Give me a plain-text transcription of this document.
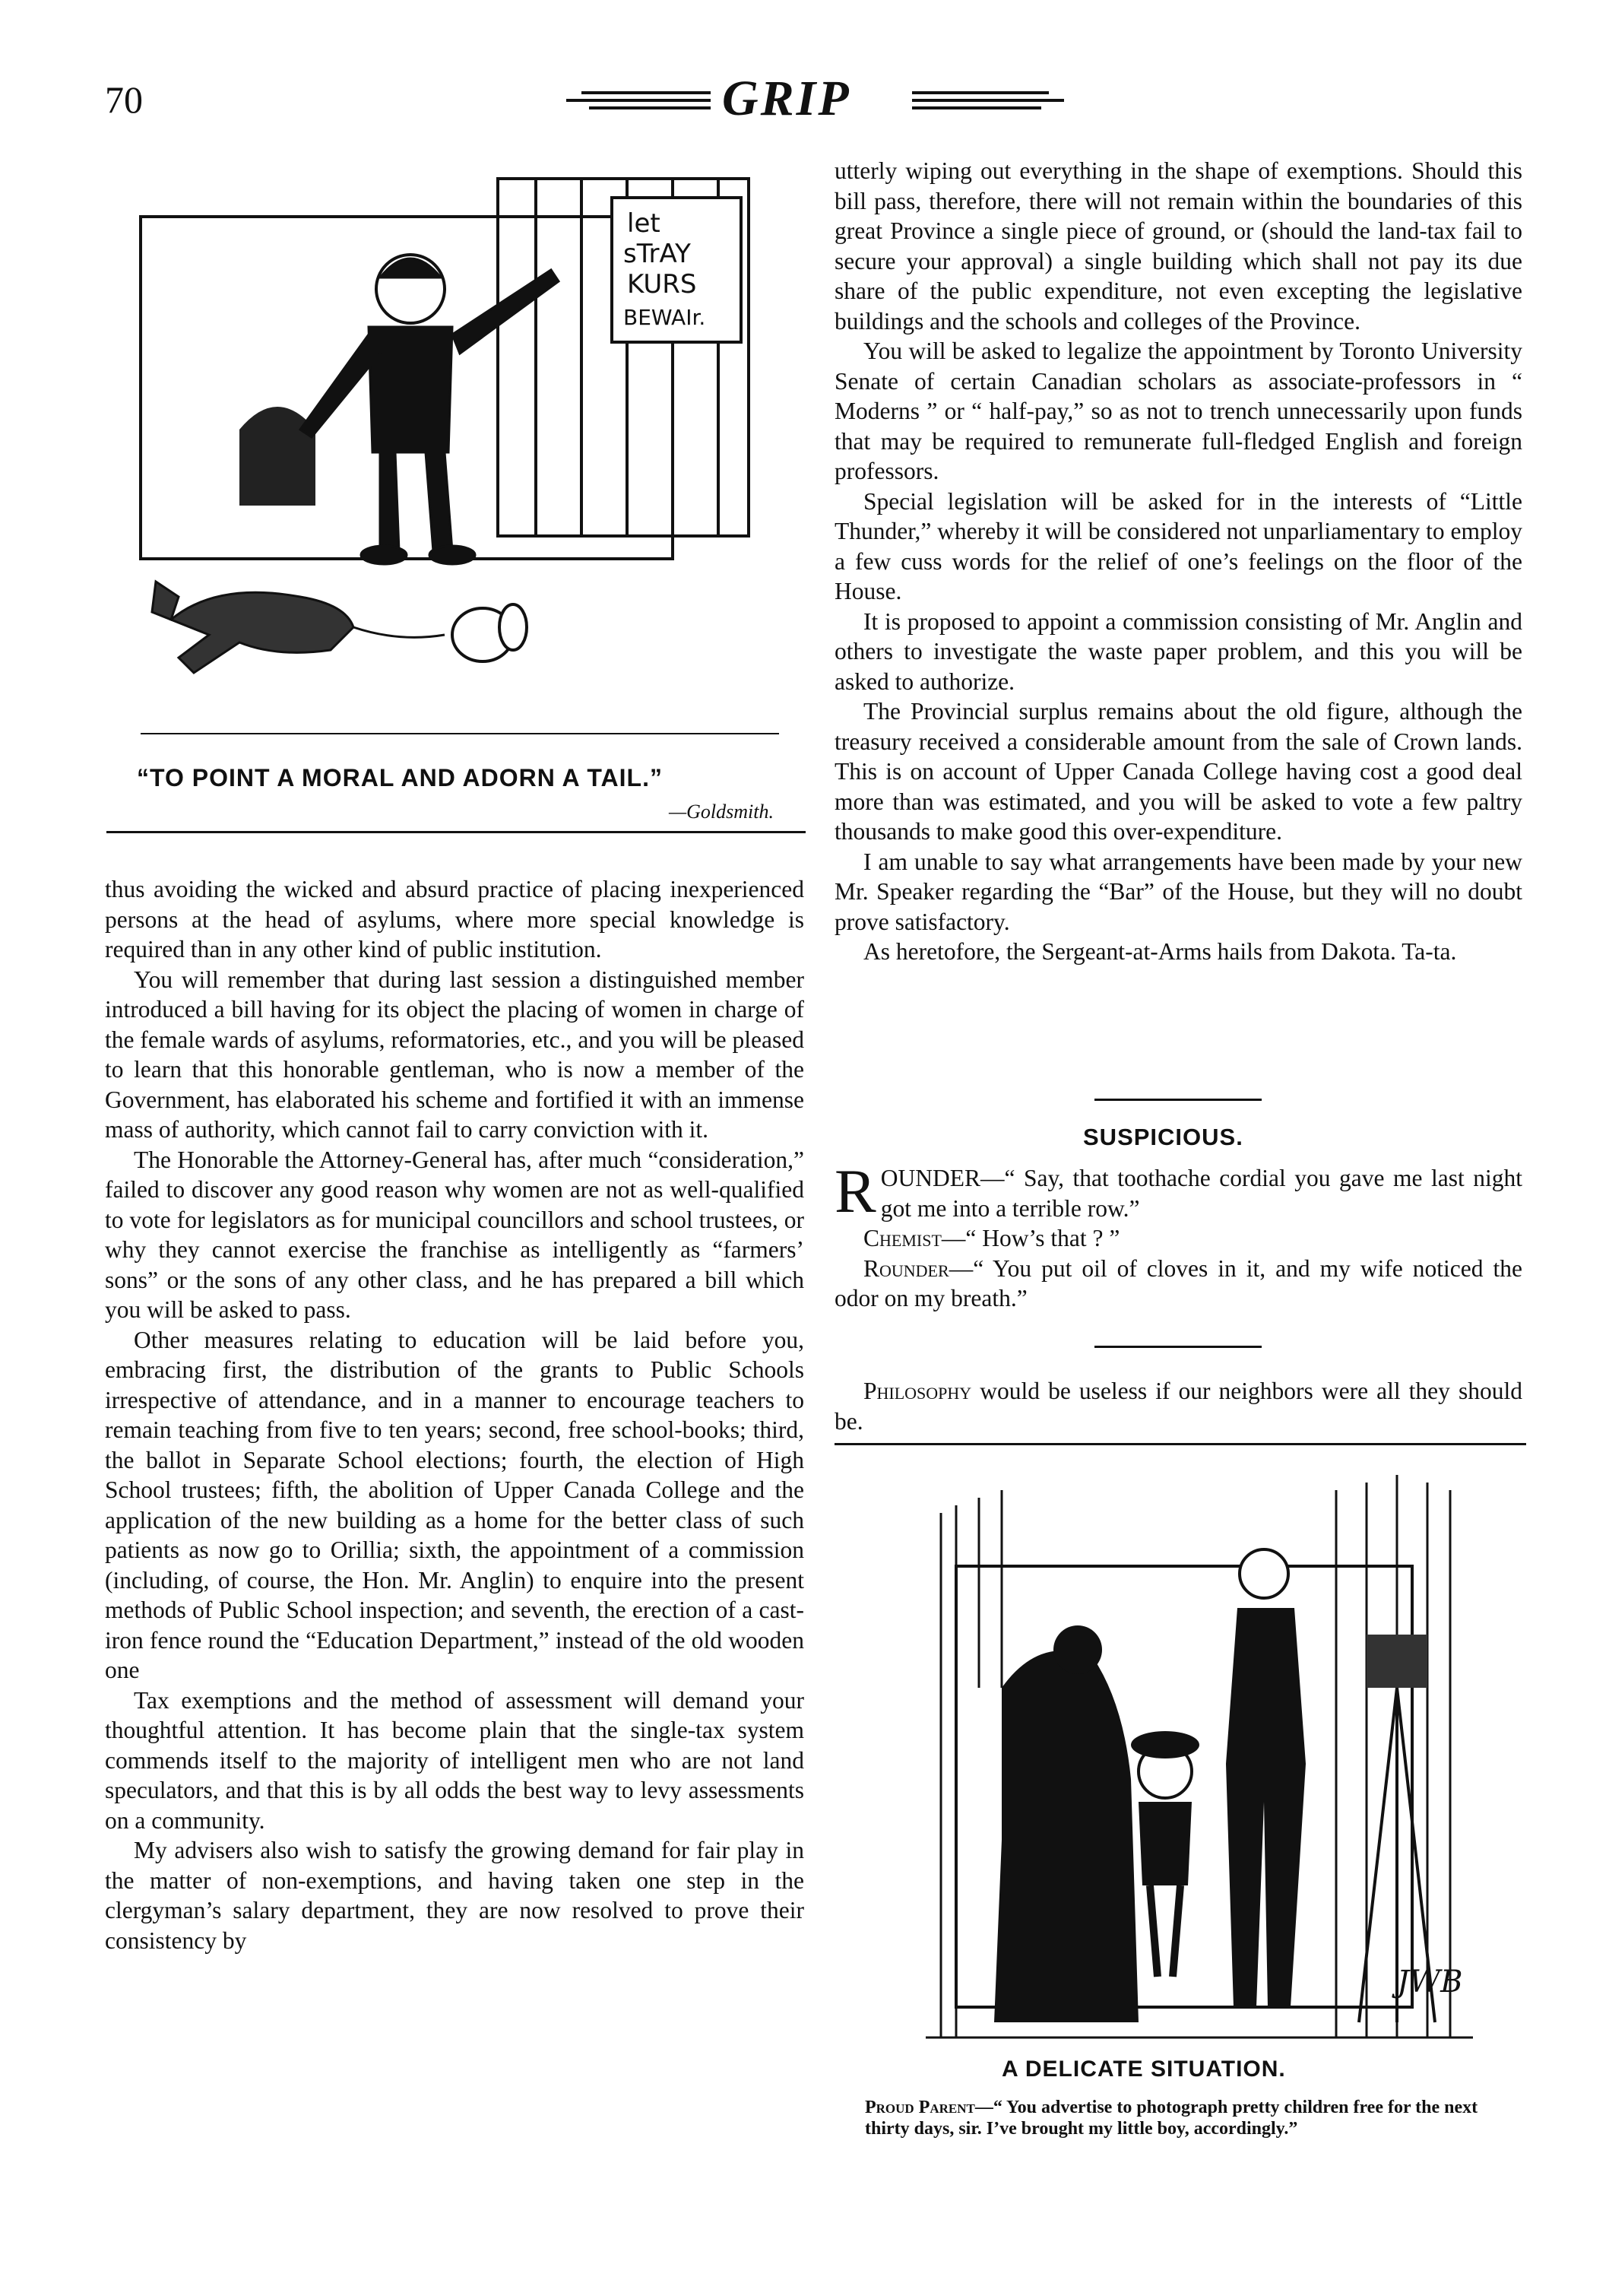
70	GRIP
let
sTrAY
KURS
BEWAIr.
“TO POINT A MORAL AND ADORN A TAIL.”
—Goldsmith.

thus avoiding the wicked and absurd practice of placing inexperienced persons at the head of asylums, where more special knowledge is required than in any other kind of public institution.

You will remember that during last session a distinguished member introduced a bill having for its object the placing of women in charge of the female wards of asylums, reformatories, etc., and you will be pleased to learn that this honorable gentleman, who is now a member of the Government, has elaborated his scheme and fortified it with an immense mass of authority, which cannot fail to carry conviction with it.

The Honorable the Attorney-General has, after much “consideration,” failed to discover any good reason why women are not as well-qualified to vote for legislators as for municipal councillors and school trustees, or why they cannot exercise the franchise as intelligently as “farmers’ sons” or the sons of any other class, and he has prepared a bill which you will be asked to pass.

Other measures relating to education will be laid before you, embracing first, the distribution of the grants to Public Schools irrespective of attendance, and in a manner to encourage teachers to remain teaching from five to ten years; second, free school-books; third, the ballot in Separate School elections; fourth, the election of High School trustees; fifth, the abolition of Upper Canada College and the application of the new building as a home for the better class of such patients as now go to Orillia; sixth, the appointment of a commission (including, of course, the Hon. Mr. Anglin) to enquire into the present methods of Public School inspection; and seventh, the erection of a cast-iron fence round the “Education Department,” instead of the old wooden one

Tax exemptions and the method of assessment will demand your thoughtful attention. It has become plain that the single-tax system commends itself to the majority of intelligent men who are not land speculators, and that this is by all odds the best way to levy assessments on a community.

My advisers also wish to satisfy the growing demand for fair play in the matter of non-exemptions, and having taken one step in the clergyman’s salary department, they are now resolved to prove their consistency by

utterly wiping out everything in the shape of exemptions. Should this bill pass, therefore, there will not remain within the boundaries of this great Province a single piece of ground, or (should the land-tax fail to secure your approval) a single building which shall not pay its due share of the public expenditure, not even excepting the legislative buildings and the schools and colleges of the Province.

You will be asked to legalize the appointment by Toronto University Senate of certain Canadian scholars as associate-professors in “ Moderns ” or “ half-pay,” so as not to trench unnecessarily upon funds that may be required to remunerate full-fledged English and foreign professors.

Special legislation will be asked for in the interests of “Little Thunder,” whereby it will be considered not unparliamentary to employ a few cuss words for the relief of one’s feelings on the floor of the House.

It is proposed to appoint a commission consisting of Mr. Anglin and others to investigate the waste paper problem, and this you will be asked to authorize.

The Provincial surplus remains about the old figure, although the treasury received a considerable amount from the sale of Crown lands. This is on account of Upper Canada College having cost a good deal more than was estimated, and you will be asked to vote a few paltry thousands to make good this over-expenditure.

I am unable to say what arrangements have been made by your new Mr. Speaker regarding the “Bar” of the House, but they will no doubt prove satisfactory.

As heretofore, the Sergeant-at-Arms hails from Dakota. Ta-ta.

SUSPICIOUS.

ROUNDER—“ Say, that toothache cordial you gave me last night got me into a terrible row.”

Chemist—“ How’s that ? ”

Rounder—“ You put oil of cloves in it, and my wife noticed the odor on my breath.”

Philosophy would be useless if our neighbors were all they should be.

JWB
A DELICATE SITUATION.
Proud Parent—“ You advertise to photograph pretty children free for the next thirty days, sir. I’ve brought my little boy, accordingly.”
